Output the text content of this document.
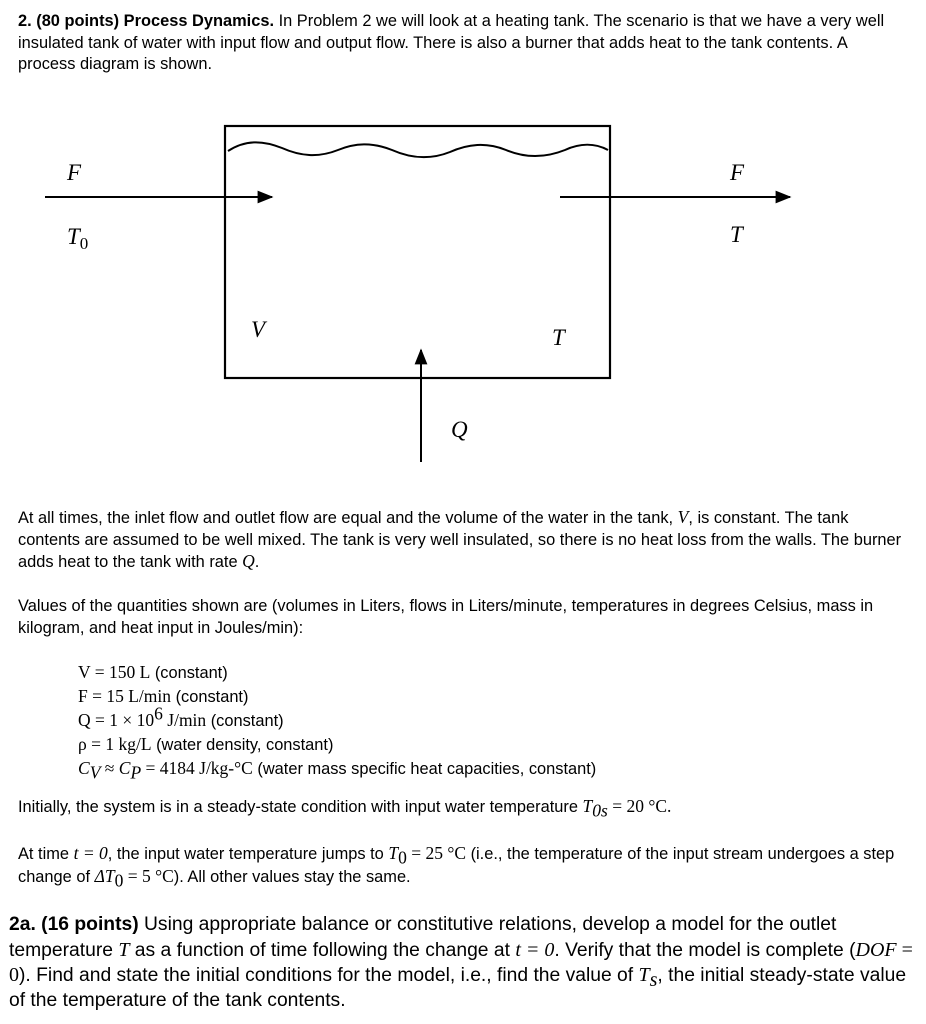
2. (80 points) Process Dynamics. In Problem 2 we will look at a heating tank. The scenario is that we have a very well insulated tank of water with input flow and output flow. There is also a burner that adds heat to the tank contents. A process diagram is shown.

F
$T_0$
F
T
V	T
Q

At all times, the inlet flow and outlet flow are equal and the volume of the water in the tank, V, is constant. The tank contents are assumed to be well mixed. The tank is very well insulated, so there is no heat loss from the walls. The burner adds heat to the tank with rate Q.

Values of the quantities shown are (volumes in Liters, flows in Liters/minute, temperatures in degrees Celsius, mass in kilogram, and heat input in Joules/min):

V = 150 L (constant)
F = 15 L/min (constant)
$Q = 1 \times 10^6$ J/min (constant)
ρ = 1 kg/L (water density, constant)
$C_V \approx C_P = 4184$ J/kg-°C (water mass specific heat capacities, constant)

Initially, the system is in a steady-state condition with input water temperature $T_{0s} = 20$ °C.

At time t = 0, the input water temperature jumps to $T_0 = 25$ °C (i.e., the temperature of the input stream undergoes a step change of $\Delta T_0 = 5$ °C). All other values stay the same.

2a. (16 points) Using appropriate balance or constitutive relations, develop a model for the outlet temperature T as a function of time following the change at t = 0. Verify that the model is complete (DOF = 0). Find and state the initial conditions for the model, i.e., find the value of $T_s$, the initial steady-state value of the temperature of the tank contents.
